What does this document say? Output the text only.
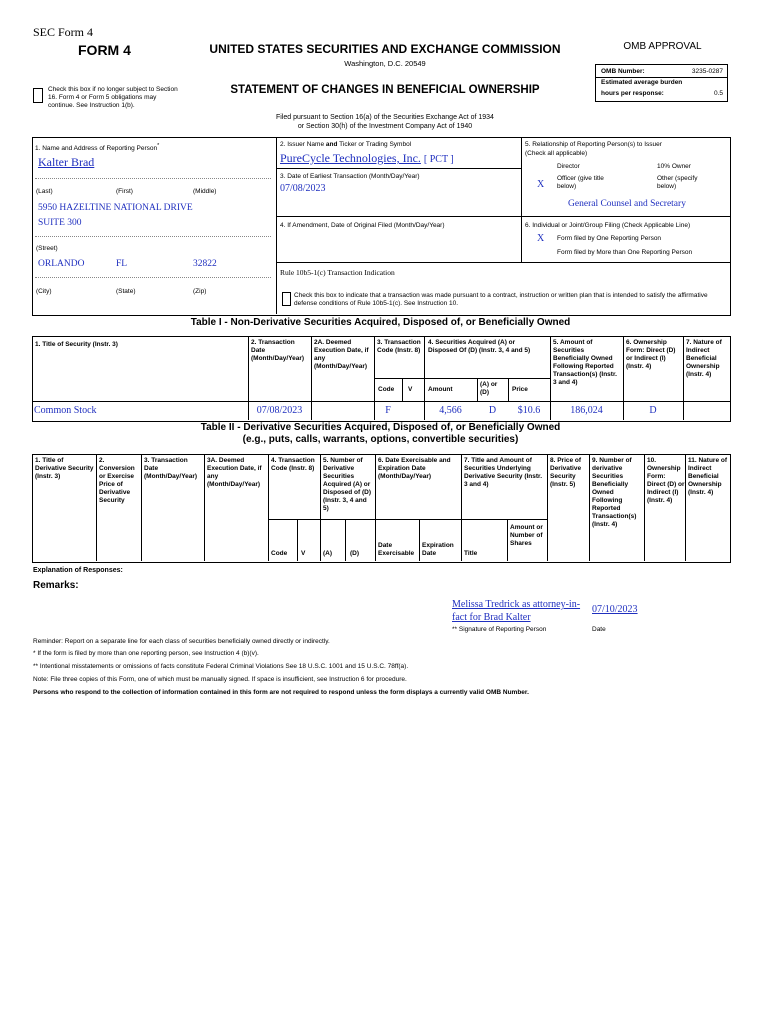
SEC Form 4
FORM 4	UNITED STATES SECURITIES AND EXCHANGE COMMISSION
Washington, D.C. 20549
OMB APPROVAL
OMB Number:	3235-0287
Estimated average burden
hours per response:	0.5
Check this box if no longer subject to Section 16. Form 4 or Form 5 obligations may continue. See Instruction 1(b).
STATEMENT OF CHANGES IN BENEFICIAL OWNERSHIP
Filed pursuant to Section 16(a) of the Securities Exchange Act of 1934
or Section 30(h) of the Investment Company Act of 1940
1. Name and Address of Reporting Person*
Kalter Brad
(Last)	(First)	(Middle)
5950 HAZELTINE NATIONAL DRIVE
SUITE 300
(Street)
ORLANDO	FL	32822
(City)	(State)	(Zip)
2. Issuer Name and Ticker or Trading Symbol
PureCycle Technologies, Inc. [ PCT ]
3. Date of Earliest Transaction (Month/Day/Year)
07/08/2023
4. If Amendment, Date of Original Filed (Month/Day/Year)
Rule 10b5-1(c) Transaction Indication
Check this box to indicate that a transaction was made pursuant to a contract, instruction or written plan that is intended to satisfy the affirmative defense conditions of Rule 10b5-1(c). See Instruction 10.
5. Relationship of Reporting Person(s) to Issuer
(Check all applicable)
Director	10% Owner
X
Officer (give title below)
Other (specify below)
General Counsel and Secretary
6. Individual or Joint/Group Filing (Check Applicable Line)
X Form filed by One Reporting Person
Form filed by More than One Reporting Person
Table I - Non-Derivative Securities Acquired, Disposed of, or Beneficially Owned
1. Title of Security (Instr. 3)	2. Transaction Date (Month/Day/Year)
2A. Deemed Execution Date, if any (Month/Day/Year)
3. Transaction Code (Instr. 8)
4. Securities Acquired (A) or Disposed Of (D) (Instr. 3, 4 and 5)
5. Amount of Securities Beneficially Owned Following Reported Transaction(s) (Instr. 3 and 4)
6. Ownership Form: Direct (D) or Indirect (I) (Instr. 4)
7. Nature of Indirect Beneficial Ownership (Instr. 4)
Code V Amount
(A) or (D)	Price
Common Stock	07/08/2023	F	4,566	D	$10.6	186,024	D
Table II - Derivative Securities Acquired, Disposed of, or Beneficially Owned
(e.g., puts, calls, warrants, options, convertible securities)
1. Title of Derivative Security (Instr. 3)
2. Conversion or Exercise Price of Derivative Security
3. Transaction Date (Month/Day/Year)
3A. Deemed Execution Date, if any (Month/Day/Year)
4. Transaction Code (Instr. 8)
5. Number of Derivative Securities Acquired (A) or Disposed of (D) (Instr. 3, 4 and 5)
6. Date Exercisable and Expiration Date (Month/Day/Year)
7. Title and Amount of Securities Underlying Derivative Security (Instr. 3 and 4)
8. Price of Derivative Security (Instr. 5)
9. Number of derivative Securities Beneficially Owned Following Reported Transaction(s) (Instr. 4)
10. Ownership Form: Direct (D) or Indirect (I) (Instr. 4)
11. Nature of Indirect Beneficial Ownership (Instr. 4)
Code V	(A)	(D)
Date Exercisable
Expiration Date	Title
Amount or Number of Shares
Explanation of Responses:
Remarks:
Melissa Tredrick as attorney-in-
fact for Brad Kalter
07/10/2023
** Signature of Reporting Person	Date
Reminder: Report on a separate line for each class of securities beneficially owned directly or indirectly.
* If the form is filed by more than one reporting person, see Instruction 4 (b)(v).
** Intentional misstatements or omissions of facts constitute Federal Criminal Violations See 18 U.S.C. 1001 and 15 U.S.C. 78ff(a).
Note: File three copies of this Form, one of which must be manually signed. If space is insufficient, see Instruction 6 for procedure.
Persons who respond to the collection of information contained in this form are not required to respond unless the form displays a currently valid OMB Number.
